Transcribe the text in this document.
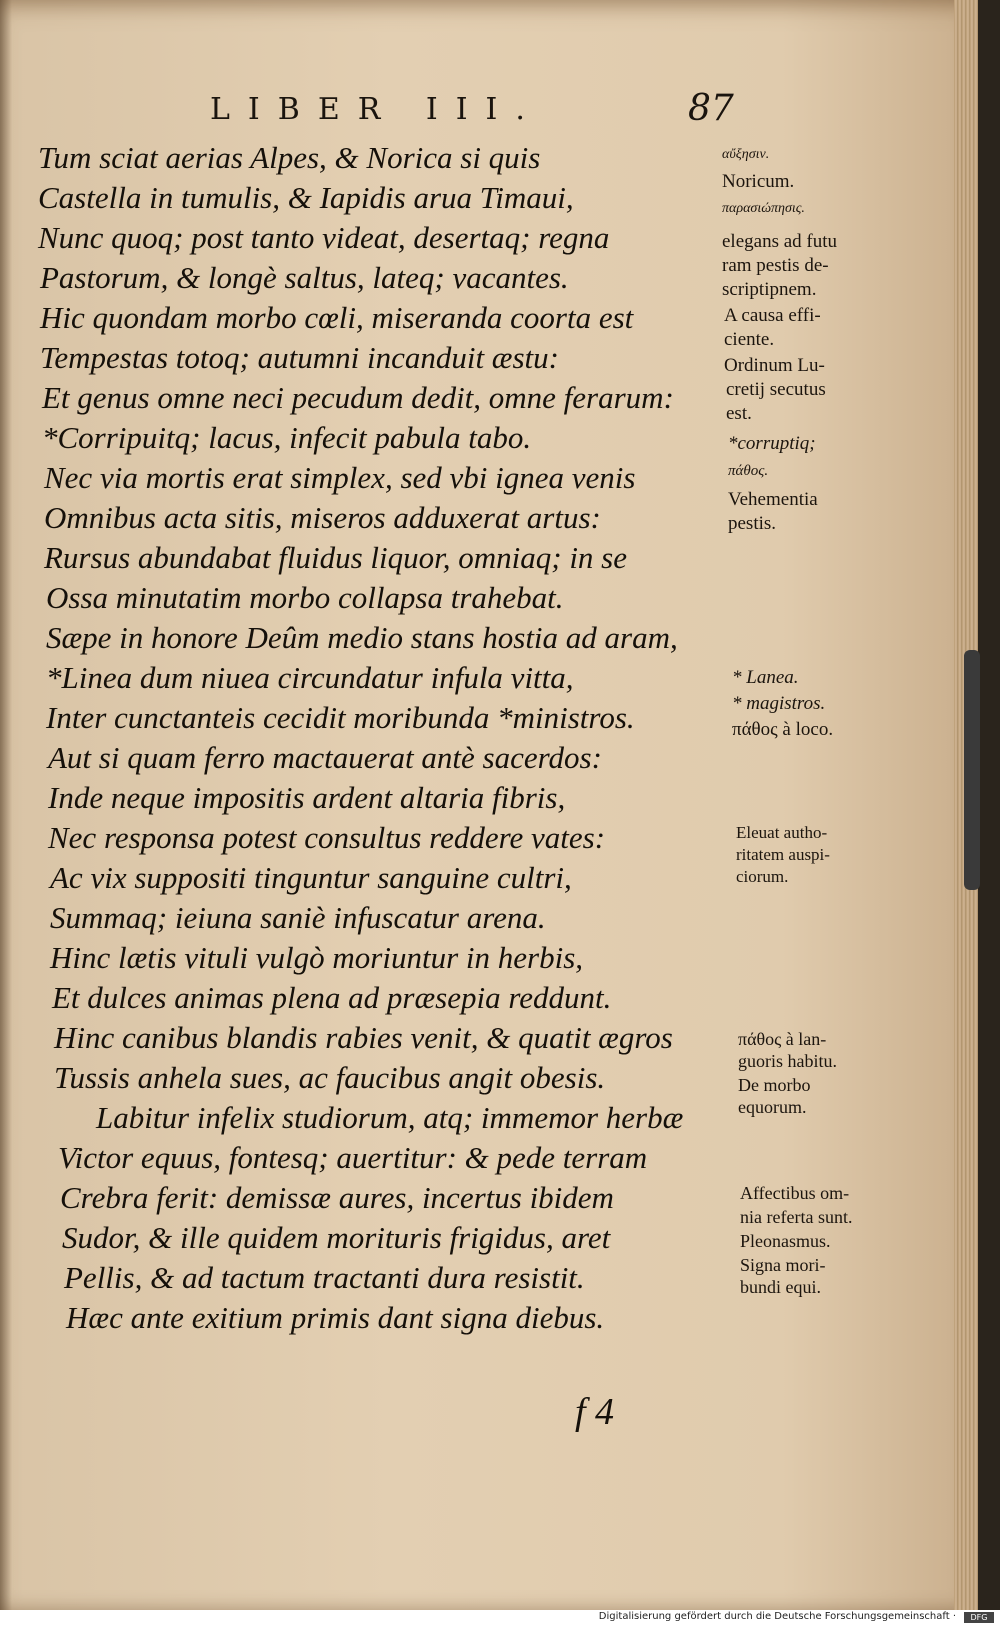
LIBER III.	87
Tum sciat aerias Alpes, & Norica si quis
Castella in tumulis, & Iapidis arua Timaui,
Nunc quoq; post tanto videat, desertaq; regna
Pastorum, & longè saltus, lateq; vacantes.
Hic quondam morbo cœli, miseranda coorta est
Tempestas totoq; autumni incanduit æstu:
Et genus omne neci pecudum dedit, omne ferarum:
*Corripuitq; lacus, infecit pabula tabo.
Nec via mortis erat simplex, sed vbi ignea venis
Omnibus acta sitis, miseros adduxerat artus:
Rursus abundabat fluidus liquor, omniaq; in se
Ossa minutatim morbo collapsa trahebat.
Sæpe in honore Deûm medio stans hostia ad aram,
*Linea dum niuea circundatur infula vitta,
Inter cunctanteis cecidit moribunda *ministros.
Aut si quam ferro mactauerat antè sacerdos:
Inde neque impositis ardent altaria fibris,
Nec responsa potest consultus reddere vates:
Ac vix suppositi tinguntur sanguine cultri,
Summaq; ieiuna saniè infuscatur arena.
Hinc lætis vituli vulgò moriuntur in herbis,
Et dulces animas plena ad præsepia reddunt.
Hinc canibus blandis rabies venit, & quatit ægros
Tussis anhela sues, ac faucibus angit obesis.
Labitur infelix studiorum, atq; immemor herbæ
Victor equus, fontesq; auertitur: & pede terram
Crebra ferit: demissæ aures, incertus ibidem
Sudor, & ille quidem morituris frigidus, aret
Pellis, & ad tactum tractanti dura resistit.
Hæc ante exitium primis dant signa diebus.
αὔξησιν.
Noricum.
παρασιώπησις.
elegans ad futu
ram pestis de-
scriptipnem.
A causa effi-
ciente.
Ordinum Lu-
cretij secutus
est.
*corruptiq;
πάθος.
Vehementia
pestis.
* Lanea.
* magistros.
πάθος à loco.
Eleuat autho-
ritatem auspi-
ciorum.
πάθος à lan-
guoris habitu.
De morbo
equorum.
Affectibus om-
nia referta sunt.
Pleonasmus.
Signa mori-
bundi equi.
f 4
Digitalisierung gefördert durch die Deutsche Forschungsgemeinschaft ·	DFG
